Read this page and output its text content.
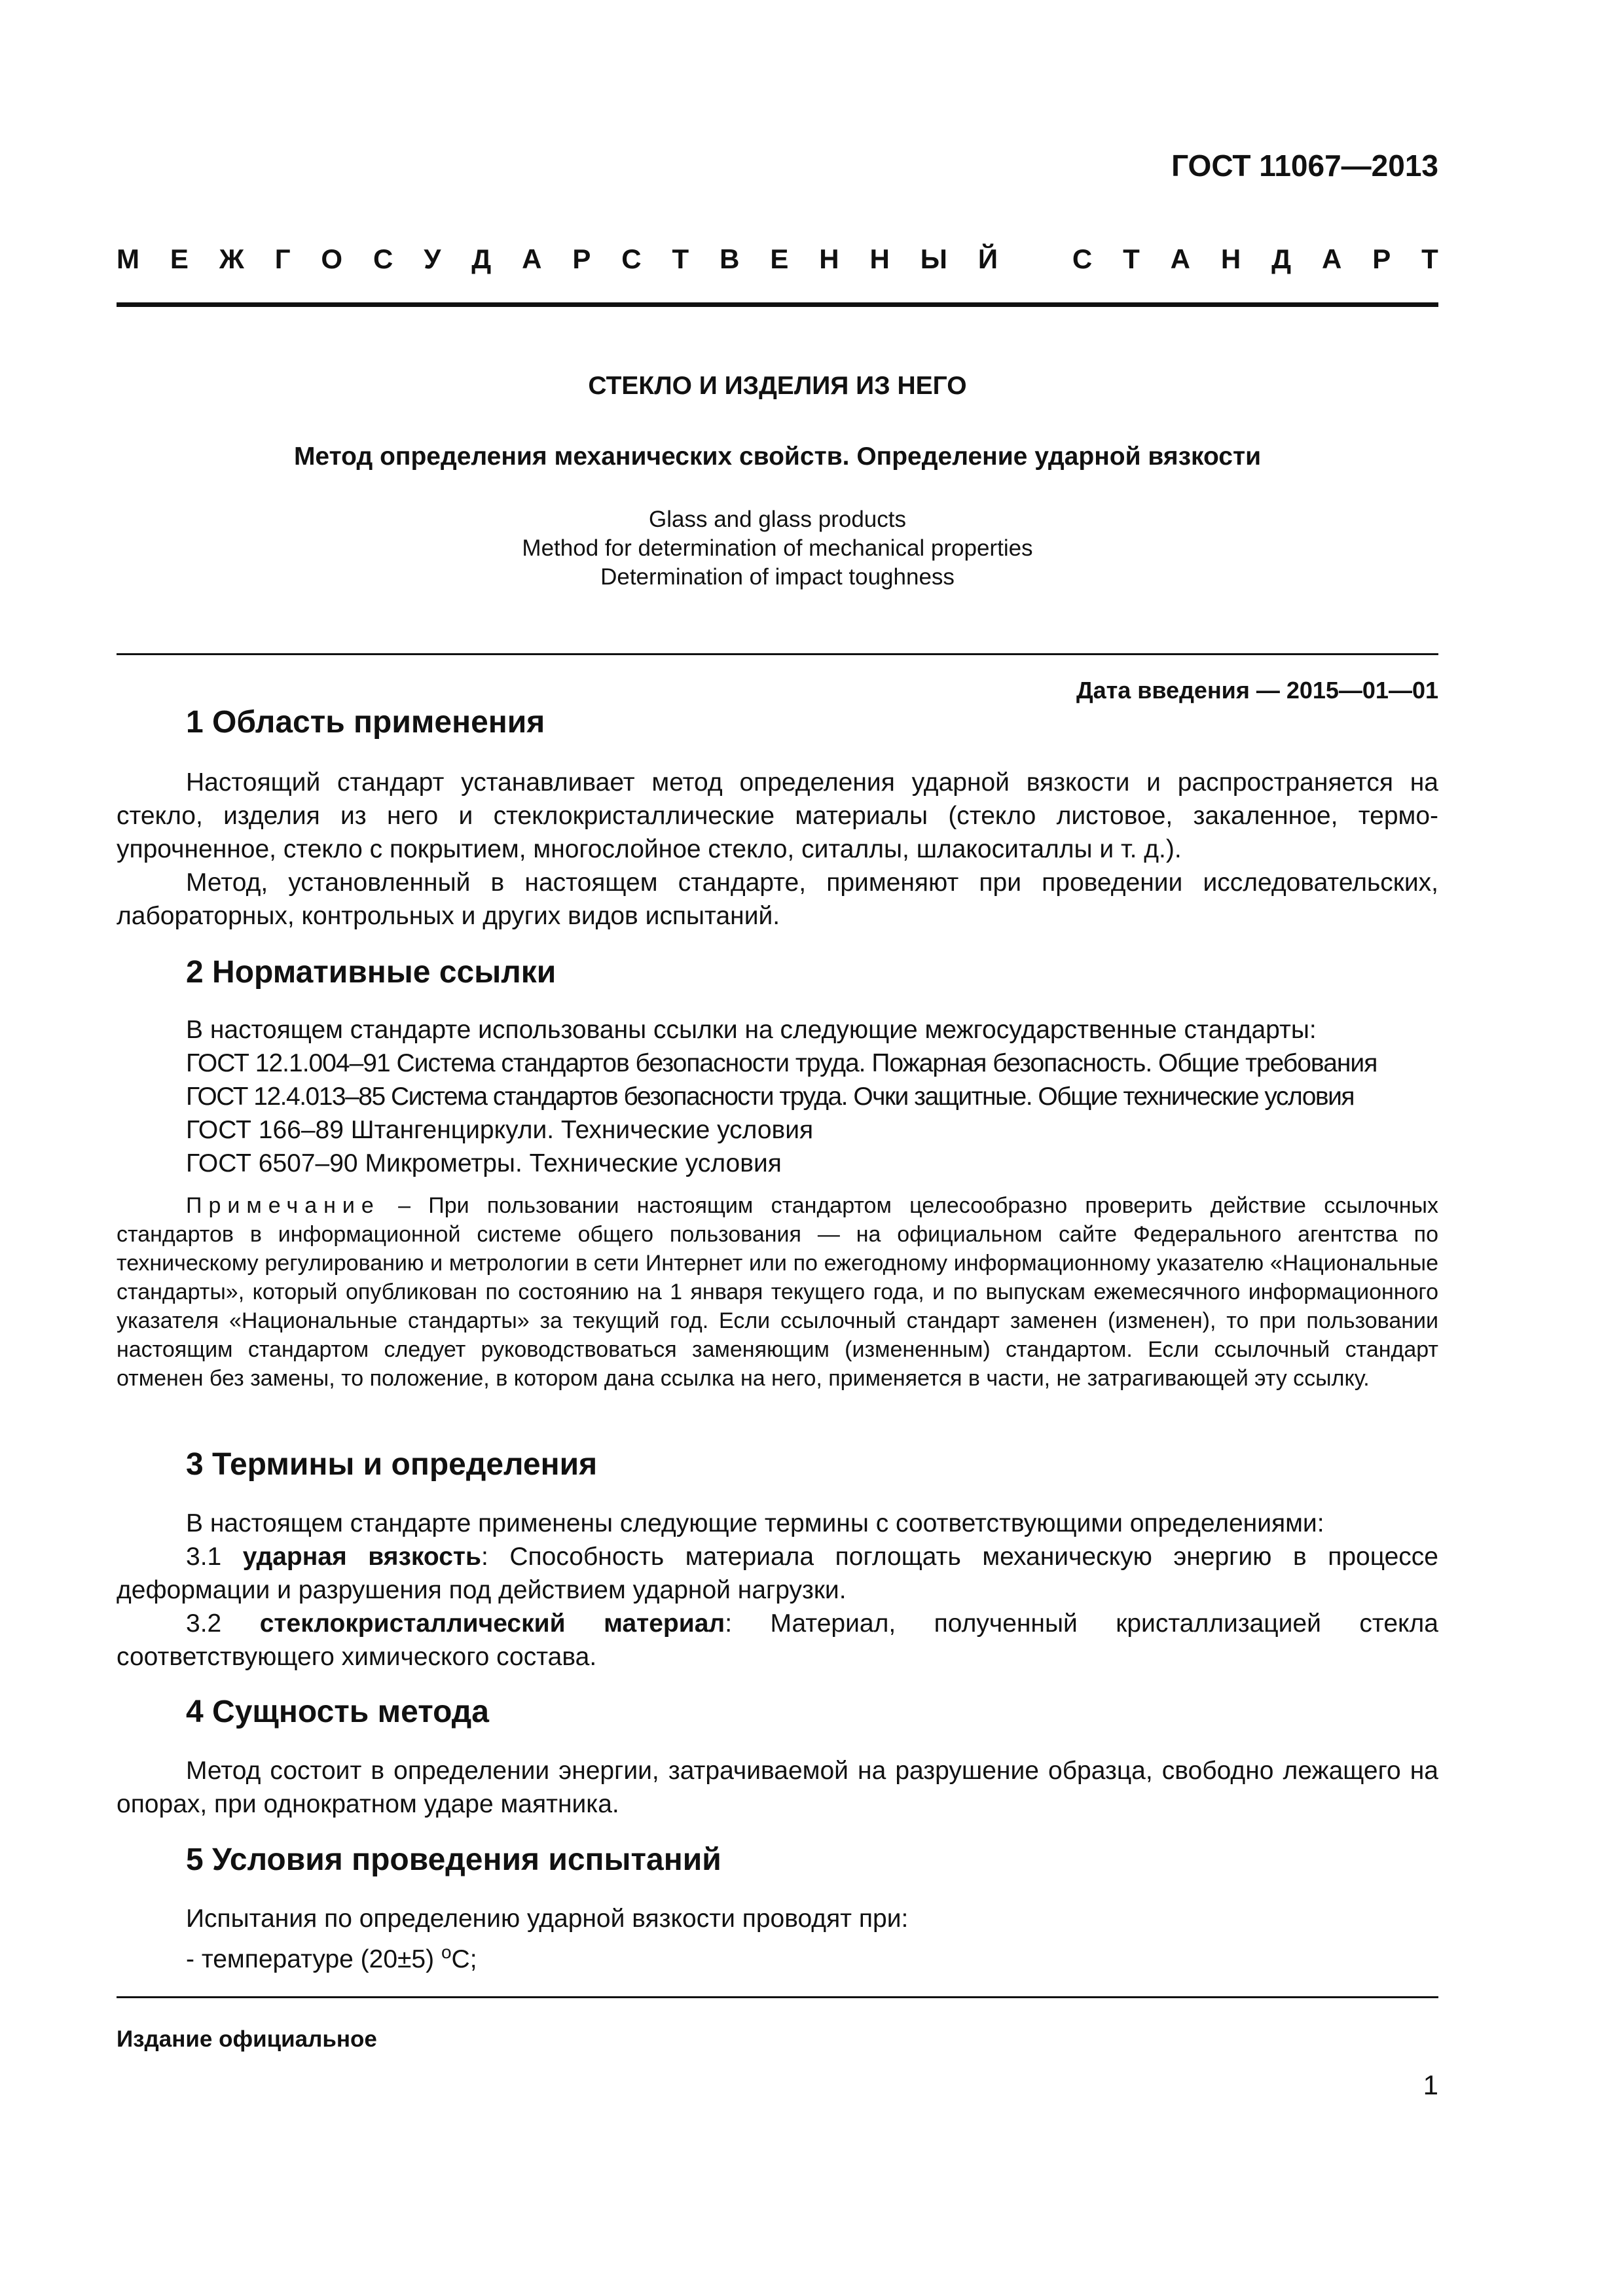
ГОСТ 11067—2013
М Е Ж Г О С У Д А Р С Т В Е Н Н Ы Й	С Т А Н Д А Р Т
СТЕКЛО И ИЗДЕЛИЯ ИЗ НЕГО
Метод определения механических свойств. Определение ударной вязкости
Glass and glass products
Method for determination of mechanical properties
Determination of impact toughness
Дата введения — 2015—01—01
1 Область применения
Настоящий стандарт устанавливает метод определения ударной вязкости и распространяется на стекло, изделия из него и стеклокристаллические материалы (стекло листовое, закаленное, термо-упрочненное, стекло с покрытием, многослойное стекло, ситаллы, шлакоситаллы и т. д.).
Метод, установленный в настоящем стандарте, применяют при проведении исследовательских, лабораторных, контрольных и других видов испытаний.
2 Нормативные ссылки
В настоящем стандарте использованы ссылки на следующие межгосударственные стандарты:
ГОСТ 12.1.004–91 Система стандартов безопасности труда. Пожарная безопасность. Общие требования
ГОСТ 12.4.013–85 Система стандартов безопасности труда. Очки защитные. Общие технические условия
ГОСТ 166–89 Штангенциркули. Технические условия
ГОСТ 6507–90 Микрометры. Технические условия
Примечание – При пользовании настоящим стандартом целесообразно проверить действие ссылочных стандартов в информационной системе общего пользования — на официальном сайте Федерального агентства по техническому регулированию и метрологии в сети Интернет или по ежегодному информационному указателю «Национальные стандарты», который опубликован по состоянию на 1 января текущего года, и по выпускам ежемесячного информационного указателя «Национальные стандарты» за текущий год. Если ссылочный стандарт заменен (изменен), то при пользовании настоящим стандартом следует руководствоваться заменяющим (измененным) стандартом. Если ссылочный стандарт отменен без замены, то положение, в котором дана ссылка на него, применяется в части, не затрагивающей эту ссылку.
3 Термины и определения
В настоящем стандарте применены следующие термины с соответствующими определениями:
3.1 ударная вязкость: Способность материала поглощать механическую энергию в процессе деформации и разрушения под действием ударной нагрузки.
3.2 стеклокристаллический материал: Материал, полученный кристаллизацией стекла соответствующего химического состава.
4 Сущность метода
Метод состоит в определении энергии, затрачиваемой на разрушение образца, свободно лежащего на опорах, при однократном ударе маятника.
5 Условия проведения испытаний
Испытания по определению ударной вязкости проводят при:
- температуре (20±5) $^о$С;
Издание официальное
1
